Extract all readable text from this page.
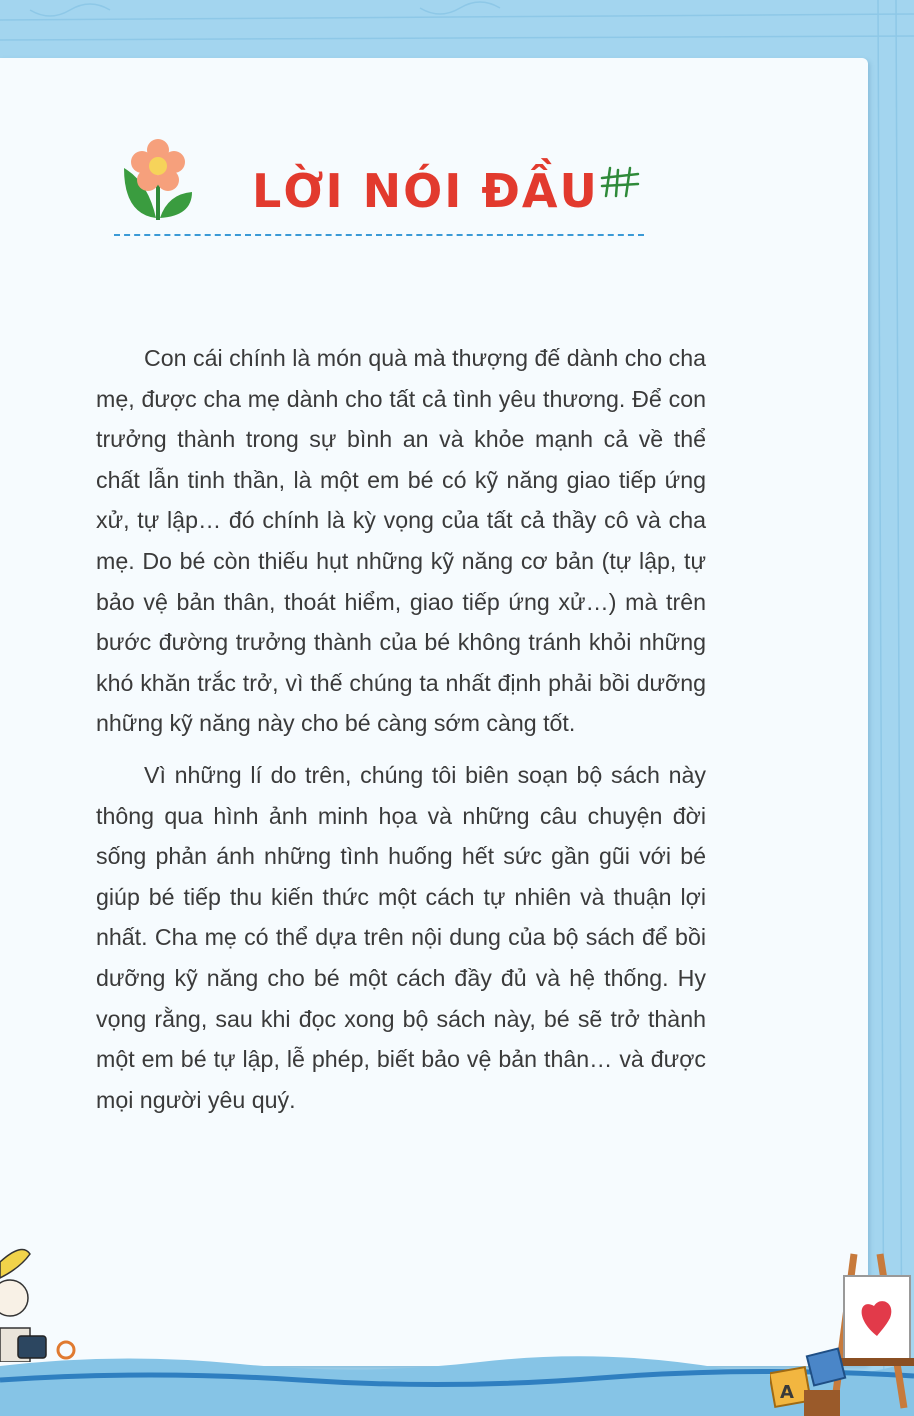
LỜI NÓI ĐẦU

Con cái chính là món quà mà thượng đế dành cho cha mẹ, được cha mẹ dành cho tất cả tình yêu thương. Để con trưởng thành trong sự bình an và khỏe mạnh cả về thể chất lẫn tinh thần, là một em bé có kỹ năng giao tiếp ứng xử, tự lập… đó chính là kỳ vọng của tất cả thầy cô và cha mẹ. Do bé còn thiếu hụt những kỹ năng cơ bản (tự lập, tự bảo vệ bản thân, thoát hiểm, giao tiếp ứng xử…) mà trên bước đường trưởng thành của bé không tránh khỏi những khó khăn trắc trở, vì thế chúng ta nhất định phải bồi dưỡng những kỹ năng này cho bé càng sớm càng tốt.

Vì những lí do trên, chúng tôi biên soạn bộ sách này thông qua hình ảnh minh họa và những câu chuyện đời sống phản ánh những tình huống hết sức gần gũi với bé giúp bé tiếp thu kiến thức một cách tự nhiên và thuận lợi nhất. Cha mẹ có thể dựa trên nội dung của bộ sách để bồi dưỡng kỹ năng cho bé một cách đầy đủ và hệ thống. Hy vọng rằng, sau khi đọc xong bộ sách này, bé sẽ trở thành một em bé tự lập, lễ phép, biết bảo vệ bản thân… và được mọi người yêu quý.

A
